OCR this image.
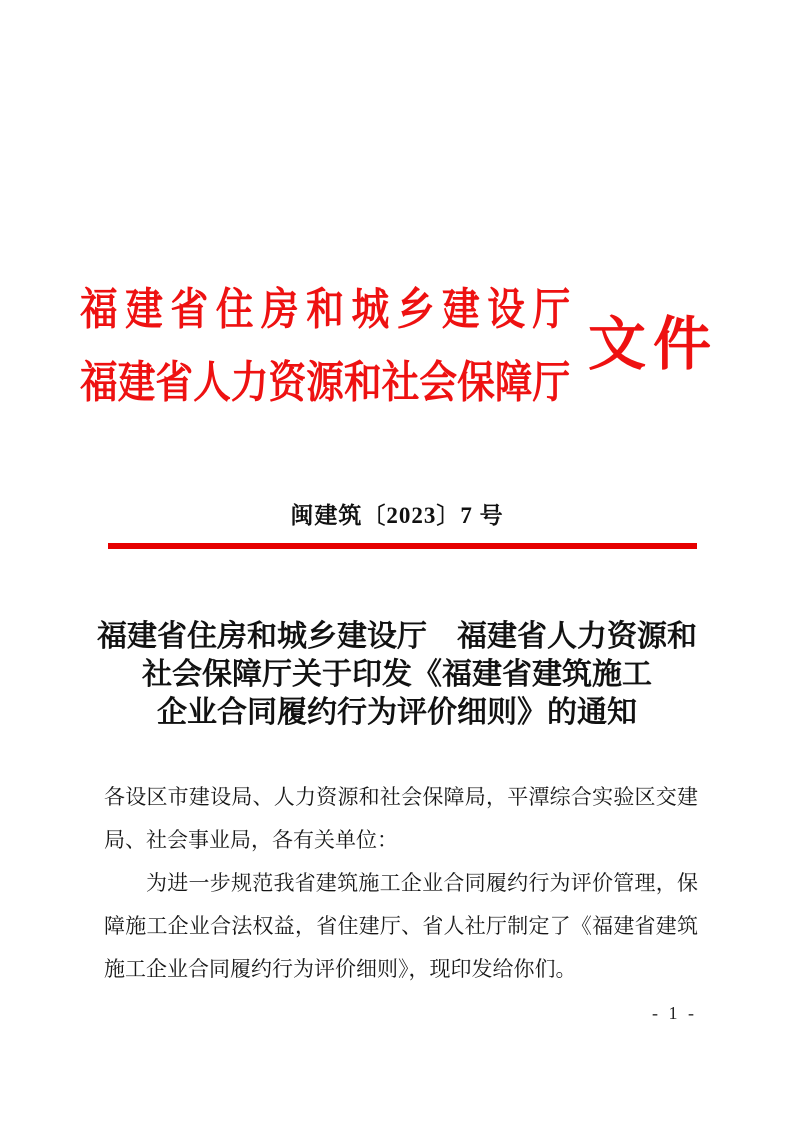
福建省住房和城乡建设厅
福建省人力资源和社会保障厅
文件
闽建筑〔2023〕7 号
福建省住房和城乡建设厅　福建省人力资源和
社会保障厅关于印发《福建省建筑施工
企业合同履约行为评价细则》的通知

各设区市建设局、人力资源和社会保障局，平潭综合实验区交建局、社会事业局，各有关单位：

为进一步规范我省建筑施工企业合同履约行为评价管理，保障施工企业合法权益，省住建厅、省人社厅制定了《福建省建筑施工企业合同履约行为评价细则》，现印发给你们。

- 1 -
